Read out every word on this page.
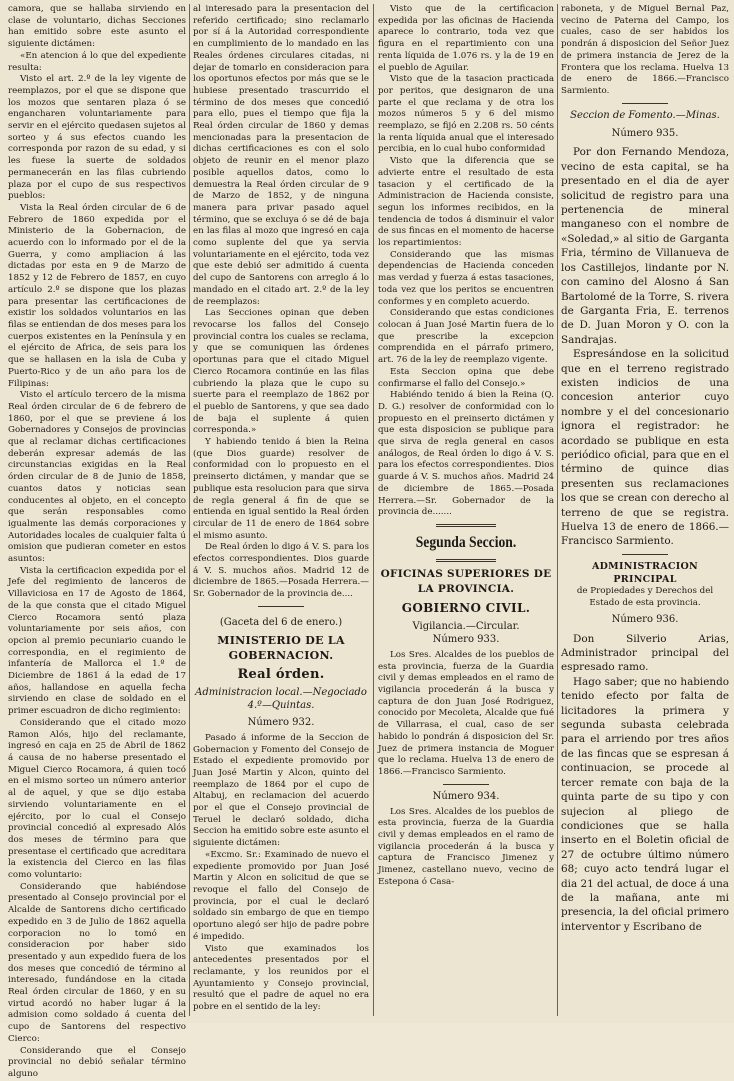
camora, que se hallaba sirviendo en clase de voluntario, dichas Secciones han emitido sobre este asunto el siguiente dictámen:

«En atencion á lo que del expediente resulta:

Visto el art. 2.º de la ley vigente de reemplazos, por el que se dispone que los mozos que sentaren plaza ó se engancharen voluntariamente para servir en el ejército quedasen sujetos al sorteo y á sus efectos cuando les corresponda por razon de su edad, y si les fuese la suerte de soldados permanecerán en las filas cubriendo plaza por el cupo de sus respectivos pueblos:

Vista la Real órden circular de 6 de Febrero de 1860 expedida por el Ministerio de la Gobernacion, de acuerdo con lo informado por el de la Guerra, y como ampliacion á las dictadas por esta en 9 de Marzo de 1852 y 12 de Febrero de 1857, en cuyo artículo 2.º se dispone que los plazas para presentar las certificaciones de existir los soldados voluntarios en las filas se entiendan de dos meses para los cuerpos existentes en la Península y en el ejército de Africa, de seis para los que se hallasen en la isla de Cuba y Puerto-Rico y de un año para los de Filipinas:

Visto el artículo tercero de la misma Real órden circular de 6 de febrero de 1860, por el que se previene á los Gobernadores y Consejos de provincias que al reclamar dichas certificaciones deberán expresar además de las circunstancias exigidas en la Real órden circular de 8 de Junio de 1858, cuantos datos y noticias sean conducentes al objeto, en el concepto que serán responsables como igualmente las demás corporaciones y Autoridades locales de cualquier falta ú omision que pudieran cometer en estos asuntos:

Vista la certificacion expedida por el Jefe del regimiento de lanceros de Villaviciosa en 17 de Agosto de 1864, de la que consta que el citado Miguel Cierco Rocamora sentó plaza voluntariamente por seis años, con opcion al premio pecuniario cuando le correspondia, en el regimiento de infantería de Mallorca el 1.º de Diciembre de 1861 á la edad de 17 años, hallandose en aquella fecha sirviendo en clase de soldado en el primer escuadron de dicho regimiento:

Considerando que el citado mozo Ramon Alós, hijo del reclamante, ingresó en caja en 25 de Abril de 1862 á causa de no haberse presentado el Miguel Cierco Rocamora, á quien tocó en el mismo sorteo un número anterior al de aquel, y que se dijo estaba sirviendo voluntariamente en el ejército, por lo cual el Consejo provincial concedió al expresado Alós dos meses de término para que presentase el certificado que acreditara la existencia del Cierco en las filas como voluntario:

Considerando que habiéndose presentado al Consejo provincial por el Alcalde de Santorens dicho certificado expedido en 3 de Julio de 1862 aquella corporacion no lo tomó en consideracion por haber sido presentado y aun expedido fuera de los dos meses que concedió de término al interesado, fundándose en la citada Real órden circular de 1860, y en su virtud acordó no haber lugar á la admision como soldado á cuenta del cupo de Santorens del respectivo Cierco:

Considerando que el Consejo provincial no debió señalar término alguno

al interesado para la presentacion del referido certificado; sino reclamarlo por sí á la Autoridad correspondiente en cumplimiento de lo mandado en las Reales órdenes circulares citadas, ni dejar de tomarlo en consideracion para los oportunos efectos por más que se le hubiese presentado trascurrido el término de dos meses que concedió para ello, pues el tiempo que fija la Real órden circular de 1860 y demas mencionadas para la presentacion de dichas certificaciones es con el solo objeto de reunir en el menor plazo posible aquellos datos, como lo demuestra la Real órden circular de 9 de Marzo de 1852, y de ninguna manera para privar pasado aquel término, que se excluya ó se dé de baja en las filas al mozo que ingresó en caja como suplente del que ya servia voluntariamente en el ejército, toda vez que este debió ser admitido á cuenta del cupo de Santorens con arreglo á lo mandado en el citado art. 2.º de la ley de reemplazos:

Las Secciones opinan que deben revocarse los fallos del Consejo provincial contra los cuales se reclama, y que se comuniquen las órdenes oportunas para que el citado Miguel Cierco Rocamora continúe en las filas cubriendo la plaza que le cupo su suerte para el reemplazo de 1862 por el pueblo de Santorens, y que sea dado de baja el suplente á quien corresponda.»

Y habiendo tenido á bien la Reina (que Dios guarde) resolver de conformidad con lo propuesto en el preinserto dictámen, y mandar que se publique esta resolucion para que sirva de regla general á fin de que se entienda en igual sentido la Real órden circular de 11 de enero de 1864 sobre el mismo asunto.

De Real órden lo digo á V. S. para los efectos correspondientes. Dios guarde á V. S. muchos años. Madrid 12 de diciembre de 1865.—Posada Herrera.—Sr. Gobernador de la provincia de....

(Gaceta del 6 de enero.)

MINISTERIO DE LA GOBERNACION.

Real órden.

Administracion local.—Negociado 4.º—Quintas.

Número 932.

Pasado á informe de la Seccion de Gobernacion y Fomento del Consejo de Estado el expediente promovido por Juan José Martin y Alcon, quinto del reemplazo de 1864 por el cupo de Altabuj, en reclamacion del acuerdo por el que el Consejo provincial de Teruel le declaró soldado, dicha Seccion ha emitido sobre este asunto el siguiente dictámen:

«Excmo. Sr.: Examinado de nuevo el expediente promovido por Juan José Martin y Alcon en solicitud de que se revoque el fallo del Consejo de provincia, por el cual le declaró soldado sin embargo de que en tiempo oportuno alegó ser hijo de padre pobre é impedido.

Visto que examinados los antecedentes presentados por el reclamante, y los reunidos por el Ayuntamiento y Consejo provincial, resultó que el padre de aquel no era pobre en el sentido de la ley:

Visto que de la certificacion expedida por las oficinas de Hacienda aparece lo contrario, toda vez que figura en el repartimiento con una renta líquida de 1.076 rs. y la de 19 en el pueblo de Aguilar.

Visto que de la tasacion practicada por peritos, que designaron de una parte el que reclama y de otra los mozos números 5 y 6 del mismo reemplazo, se fijó en 2.208 rs. 50 cénts la renta líquida anual que el interesado percibia, en lo cual hubo conformidad

Visto que la diferencia que se advierte entre el resultado de esta tasacion y el certificado de la Administracion de Hacienda consiste, segun los informes recibidos, en la tendencia de todos á disminuir el valor de sus fincas en el momento de hacerse los repartimientos:

Considerando que las mismas dependencias de Hacienda conceden mas verdad y fuerza á estas tasaciones, toda vez que los peritos se encuentren conformes y en completo acuerdo.

Considerando que estas condiciones colocan á Juan José Martin fuera de lo que prescribe la excepcion comprendida en el párrafo primero, art. 76 de la ley de reemplazo vigente.

Esta Seccion opina que debe confirmarse el fallo del Consejo.»

Habiéndo tenido á bien la Reina (Q. D. G.) resolver de conformidad con lo propuesto en el preinserto dictámen y que esta disposicion se publique para que sirva de regla general en casos análogos, de Real órden lo digo á V. S. para los efectos correspondientes. Dios guarde á V. S. muchos años. Madrid 24 de diciembre de 1865.—Posada Herrera.—Sr. Gobernador de la provincia de.......

Segunda Seccion.

OFICINAS SUPERIORES DE LA PROVINCIA.

GOBIERNO CIVIL.

Vigilancia.—Circular.

Número 933.

Los Sres. Alcaldes de los pueblos de esta provincia, fuerza de la Guardia civil y demas empleados en el ramo de vigilancia procederán á la busca y captura de don Juan José Rodriguez, conocido por Mecoleta, Alcalde que fué de Villarrasa, el cual, caso de ser habido lo pondrán á disposicion del Sr. Juez de primera instancia de Moguer que lo reclama. Huelva 13 de enero de 1866.—Francisco Sarmiento.

Número 934.

Los Sres. Alcaldes de los pueblos de esta provincia, fuerza de la Guardia civil y demas empleados en el ramo de vigilancia procederán á la busca y captura de Francisco Jimenez y Jimenez, castellano nuevo, vecino de Estepona ó Casa-

raboneta, y de Miguel Bernal Paz, vecino de Paterna del Campo, los cuales, caso de ser habidos los pondrán á disposicion del Señor Juez de primera instancia de Jerez de la Frontera que los reclama. Huelva 13 de enero de 1866.—Francisco Sarmiento.

Seccion de Fomento.—Minas.

Número 935.

Por don Fernando Mendoza, vecino de esta capital, se ha presentado en el dia de ayer solicitud de registro para una pertenencia de mineral manganeso con el nombre de «Soledad,» al sitio de Garganta Fria, término de Villanueva de los Castillejos, lindante por N. con camino del Alosno á San Bartolomé de la Torre, S. rivera de Garganta Fria, E. terrenos de D. Juan Moron y O. con la Sandrajas.

Espresándose en la solicitud que en el terreno registrado existen indicios de una concesion anterior cuyo nombre y el del concesionario ignora el registrador: he acordado se publique en esta periódico oficial, para que en el término de quince dias presenten sus reclamaciones los que se crean con derecho al terreno de que se registra. Huelva 13 de enero de 1866.—Francisco Sarmiento.

ADMINISTRACION PRINCIPAL

de Propiedades y Derechos del Estado de esta provincia.

Número 936.

Don Silverio Arias, Administrador principal del espresado ramo.

Hago saber; que no habiendo tenido efecto por falta de licitadores la primera y segunda subasta celebrada para el arriendo por tres años de las fincas que se espresan á continuacion, se procede al tercer remate con baja de la quinta parte de su tipo y con sujecion al pliego de condiciones que se halla inserto en el Boletin oficial de 27 de octubre último número 68; cuyo acto tendrá lugar el dia 21 del actual, de doce á una de la mañana, ante mi presencia, la del oficial primero interventor y Escribano de
